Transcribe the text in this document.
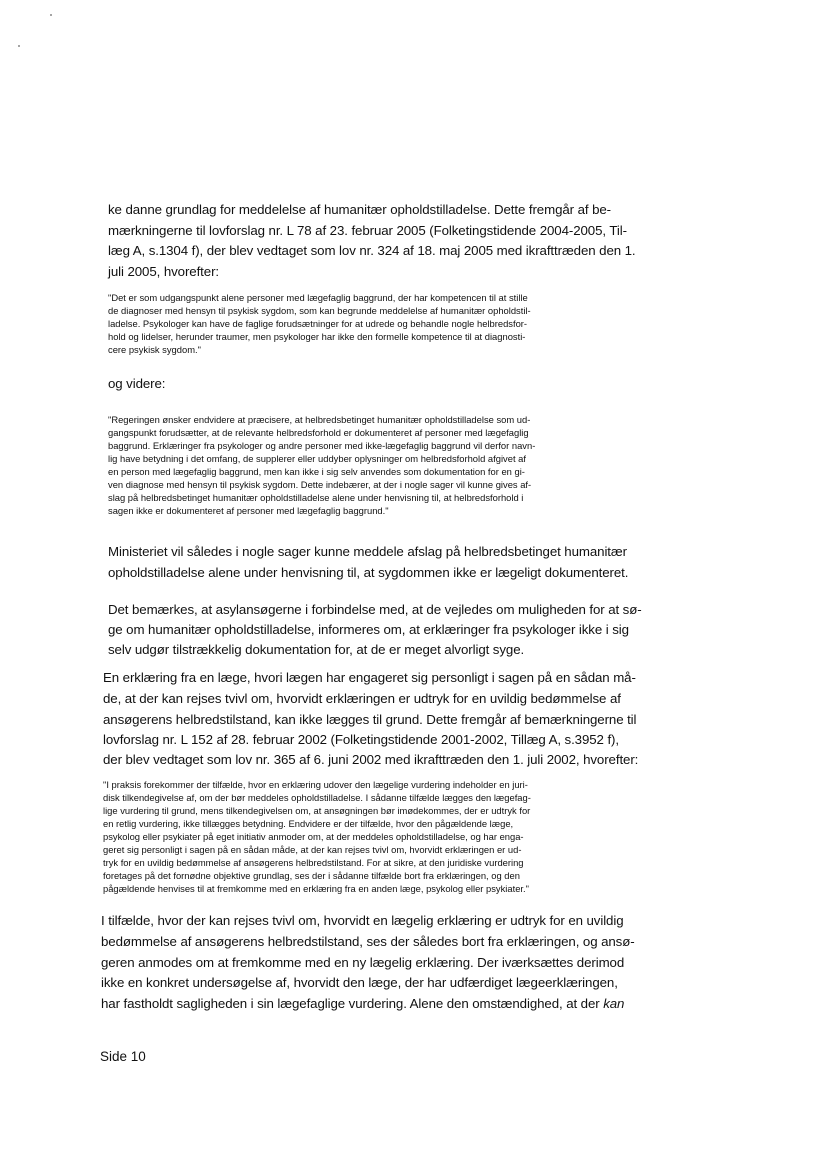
ke danne grundlag for meddelelse af humanitær opholdstilladelse. Dette fremgår af be-
mærkningerne til lovforslag nr. L 78 af 23. februar 2005 (Folketingstidende 2004-2005, Til-
læg A, s.1304 f), der blev vedtaget som lov nr. 324 af 18. maj 2005 med ikrafttræden den 1.
juli 2005, hvorefter:
"Det er som udgangspunkt alene personer med lægefaglig baggrund, der har kompetencen til at stille
de diagnoser med hensyn til psykisk sygdom, som kan begrunde meddelelse af humanitær opholdstil-
ladelse. Psykologer kan have de faglige forudsætninger for at udrede og behandle nogle helbredsfor-
hold og lidelser, herunder traumer, men psykologer har ikke den formelle kompetence til at diagnosti-
cere psykisk sygdom."
og videre:
"Regeringen ønsker endvidere at præcisere, at helbredsbetinget humanitær opholdstilladelse som ud-
gangspunkt forudsætter, at de relevante helbredsforhold er dokumenteret af personer med lægefaglig
baggrund. Erklæringer fra psykologer og andre personer med ikke-lægefaglig baggrund vil derfor navn-
lig have betydning i det omfang, de supplerer eller uddyber oplysninger om helbredsforhold afgivet af
en person med lægefaglig baggrund, men kan ikke i sig selv anvendes som dokumentation for en gi-
ven diagnose med hensyn til psykisk sygdom. Dette indebærer, at der i nogle sager vil kunne gives af-
slag på helbredsbetinget humanitær opholdstilladelse alene under henvisning til, at helbredsforhold i
sagen ikke er dokumenteret af personer med lægefaglig baggrund."
Ministeriet vil således i nogle sager kunne meddele afslag på helbredsbetinget humanitær
opholdstilladelse alene under henvisning til, at sygdommen ikke er lægeligt dokumenteret.
Det bemærkes, at asylansøgerne i forbindelse med, at de vejledes om muligheden for at sø-
ge om humanitær opholdstilladelse, informeres om, at erklæringer fra psykologer ikke i sig
selv udgør tilstrækkelig dokumentation for, at de er meget alvorligt syge.
En erklæring fra en læge, hvori lægen har engageret sig personligt i sagen på en sådan må-
de, at der kan rejses tvivl om, hvorvidt erklæringen er udtryk for en uvildig bedømmelse af
ansøgerens helbredstilstand, kan ikke lægges til grund. Dette fremgår af bemærkningerne til
lovforslag nr. L 152 af 28. februar 2002 (Folketingstidende 2001-2002, Tillæg A, s.3952 f),
der blev vedtaget som lov nr. 365 af 6. juni 2002 med ikrafttræden den 1. juli 2002, hvorefter:
"I praksis forekommer der tilfælde, hvor en erklæring udover den lægelige vurdering indeholder en juri-
disk tilkendegivelse af, om der bør meddeles opholdstilladelse. I sådanne tilfælde lægges den lægefag-
lige vurdering til grund, mens tilkendegivelsen om, at ansøgningen bør imødekommes, der er udtryk for
en retlig vurdering, ikke tillægges betydning. Endvidere er der tilfælde, hvor den pågældende læge,
psykolog eller psykiater på eget initiativ anmoder om, at der meddeles opholdstilladelse, og har enga-
geret sig personligt i sagen på en sådan måde, at der kan rejses tvivl om, hvorvidt erklæringen er ud-
tryk for en uvildig bedømmelse af ansøgerens helbredstilstand. For at sikre, at den juridiske vurdering
foretages på det fornødne objektive grundlag, ses der i sådanne tilfælde bort fra erklæringen, og den
pågældende henvises til at fremkomme med en erklæring fra en anden læge, psykolog eller psykiater."
I tilfælde, hvor der kan rejses tvivl om, hvorvidt en lægelig erklæring er udtryk for en uvildig
bedømmelse af ansøgerens helbredstilstand, ses der således bort fra erklæringen, og ansø-
geren anmodes om at fremkomme med en ny lægelig erklæring. Der iværksættes derimod
ikke en konkret undersøgelse af, hvorvidt den læge, der har udfærdiget lægeerklæringen,
har fastholdt sagligheden i sin lægefaglige vurdering. Alene den omstændighed, at der kan
Side 10
